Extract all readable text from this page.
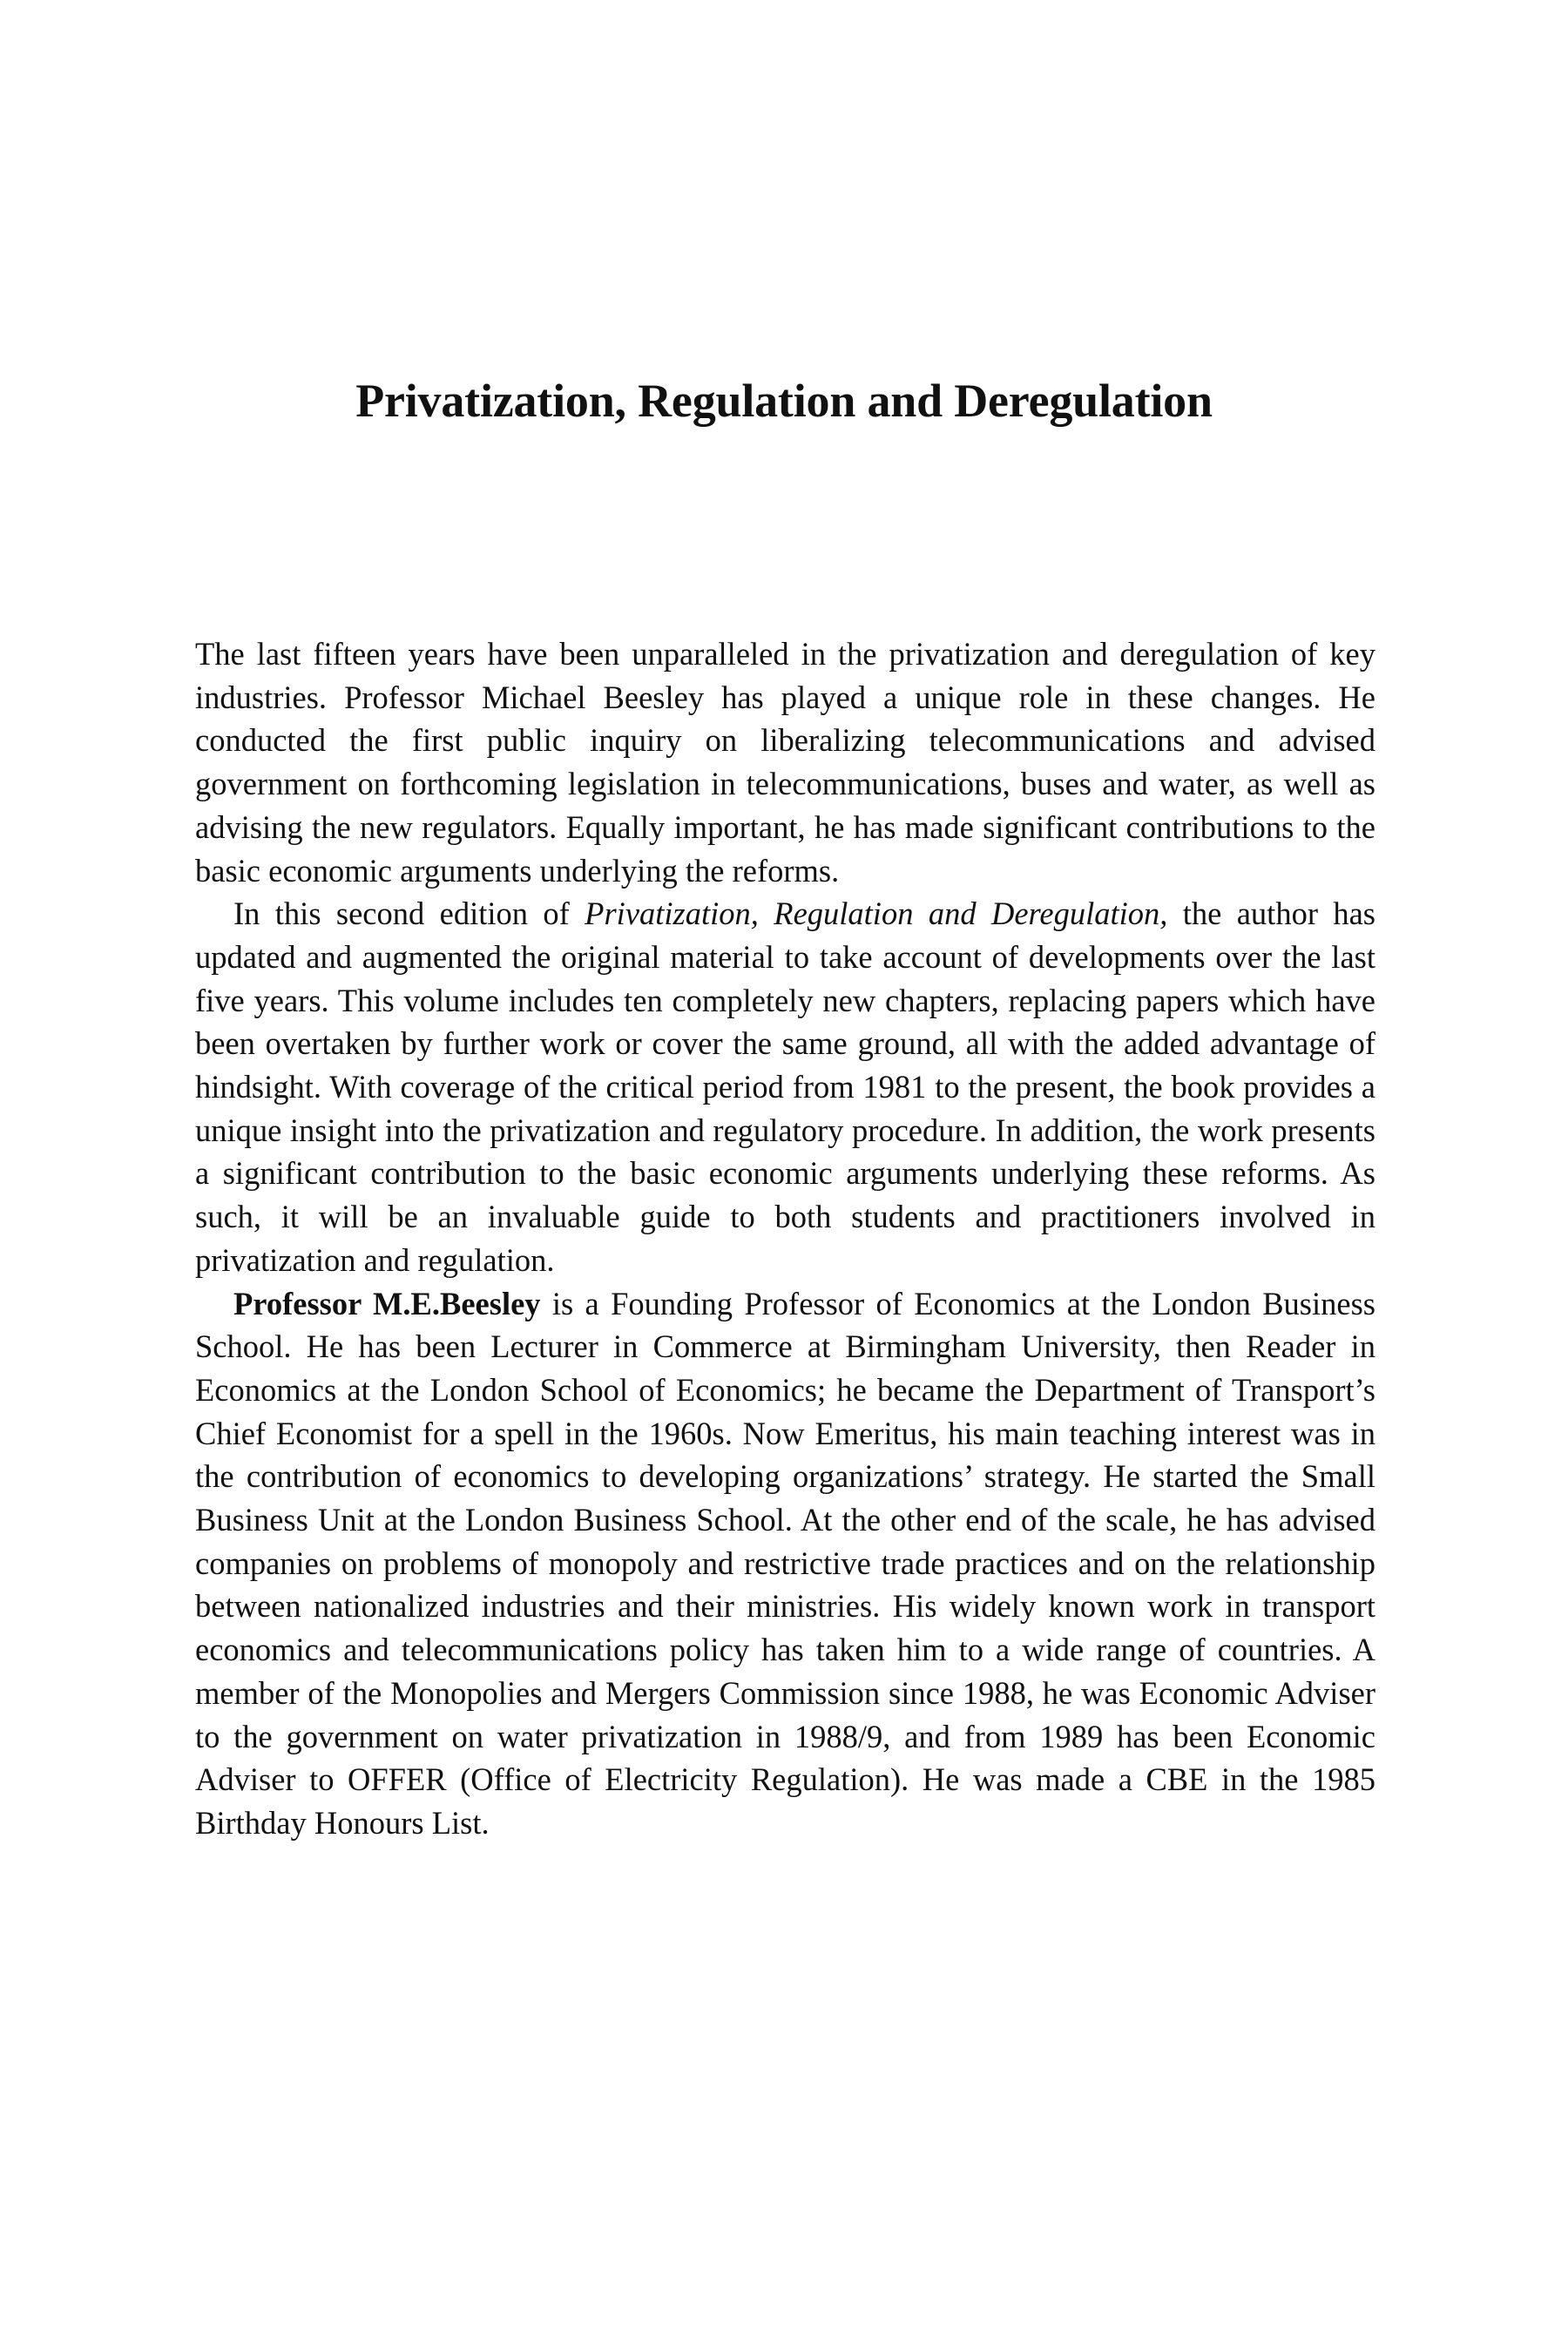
Privatization, Regulation and Deregulation

The last fifteen years have been unparalleled in the privatization and deregulation of key industries. Professor Michael Beesley has played a unique role in these changes. He conducted the first public inquiry on liberalizing telecommunications and advised government on forthcoming legislation in telecommunications, buses and water, as well as advising the new regulators. Equally important, he has made significant contributions to the basic economic arguments underlying the reforms.

In this second edition of Privatization, Regulation and Deregulation, the author has updated and augmented the original material to take account of developments over the last five years. This volume includes ten completely new chapters, replacing papers which have been overtaken by further work or cover the same ground, all with the added advantage of hindsight. With coverage of the critical period from 1981 to the present, the book provides a unique insight into the privatization and regulatory procedure. In addition, the work presents a significant contribution to the basic economic arguments underlying these reforms. As such, it will be an invaluable guide to both students and practitioners involved in privatization and regulation.

Professor M.E.Beesley is a Founding Professor of Economics at the London Business School. He has been Lecturer in Commerce at Birmingham University, then Reader in Economics at the London School of Economics; he became the Department of Transport’s Chief Economist for a spell in the 1960s. Now Emeritus, his main teaching interest was in the contribution of economics to developing organizations’ strategy. He started the Small Business Unit at the London Business School. At the other end of the scale, he has advised companies on problems of monopoly and restrictive trade practices and on the relationship between nationalized industries and their ministries. His widely known work in transport economics and telecommunications policy has taken him to a wide range of countries. A member of the Monopolies and Mergers Commission since 1988, he was Economic Adviser to the government on water privatization in 1988/9, and from 1989 has been Economic Adviser to OFFER (Office of Electricity Regulation). He was made a CBE in the 1985 Birthday Honours List.
